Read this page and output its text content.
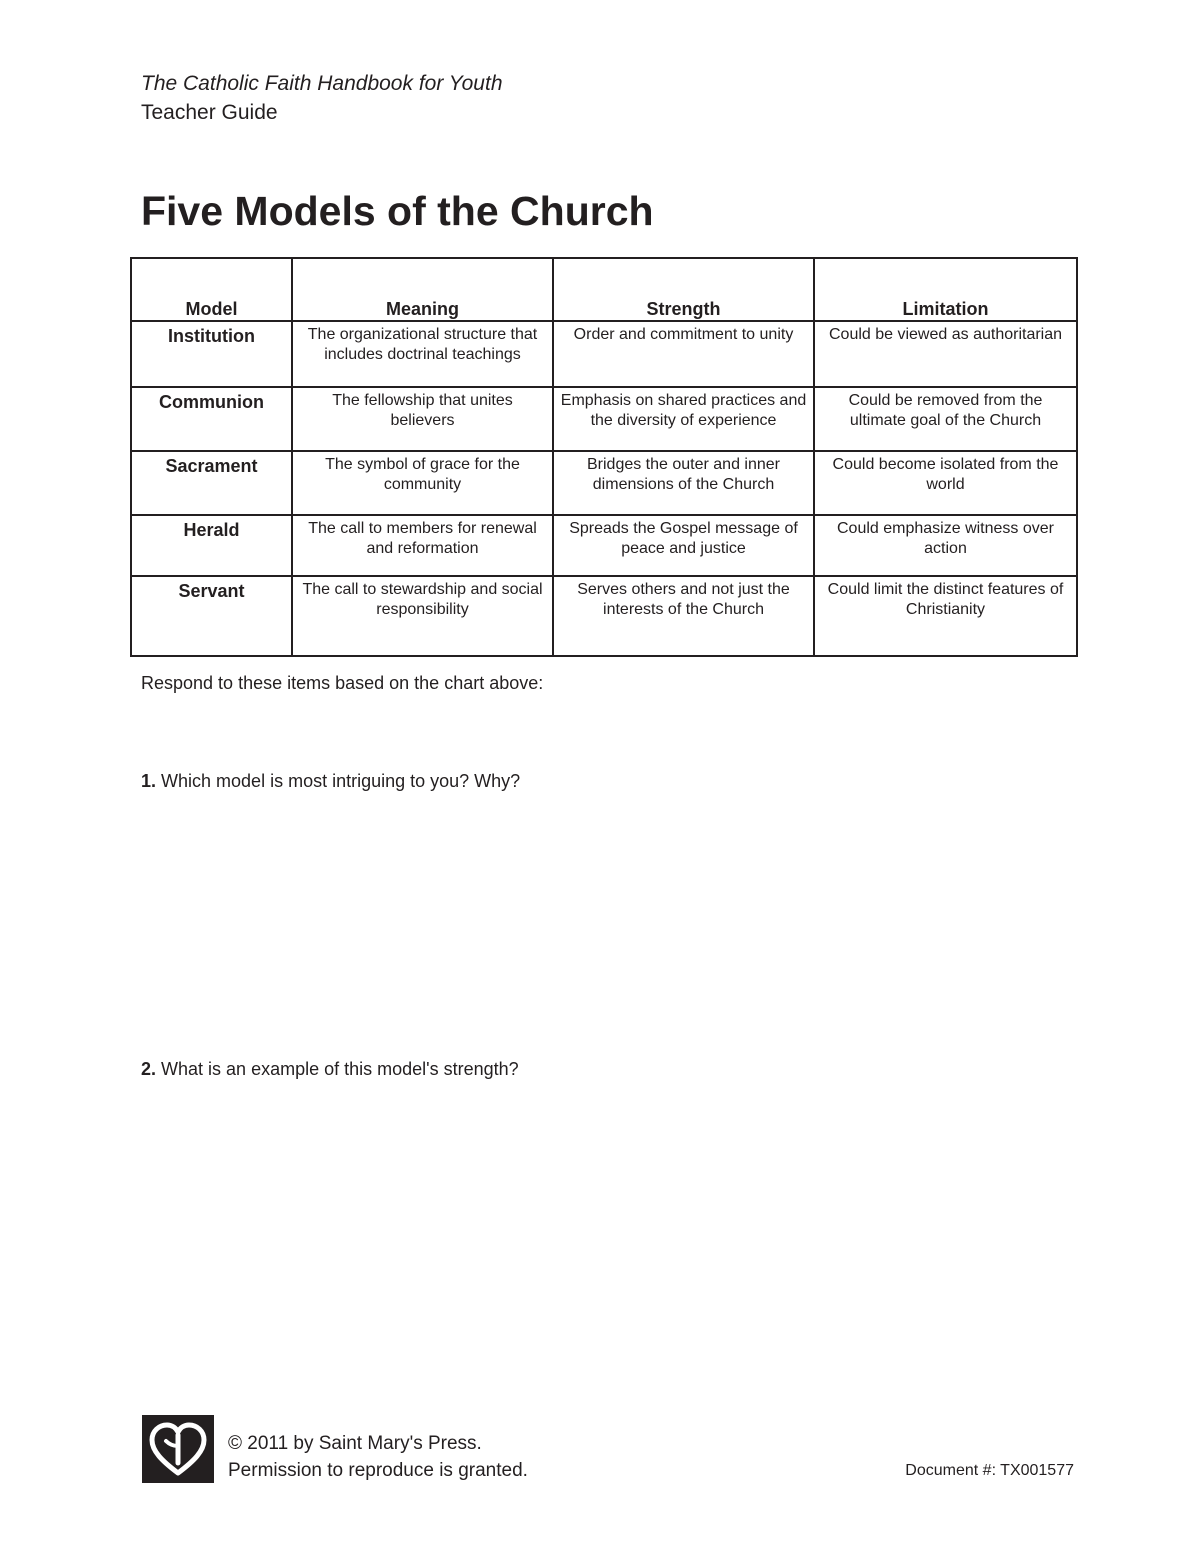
The Catholic Faith Handbook for Youth
Teacher Guide
Five Models of the Church
Model	Meaning	Strength	Limitation
Institution	The organizational structure that includes doctrinal teachings	Order and commitment to unity	Could be viewed as authoritarian
Communion	The fellowship that unites believers	Emphasis on shared practices and the diversity of experience	Could be removed from the ultimate goal of the Church
Sacrament	The symbol of grace for the community	Bridges the outer and inner dimensions of the Church	Could become isolated from the world
Herald	The call to members for renewal and reformation	Spreads the Gospel message of peace and justice	Could emphasize witness over action
Servant	The call to stewardship and social responsibility	Serves others and not just the interests of the Church	Could limit the distinct features of Christianity
Respond to these items based on the chart above:
1. Which model is most intriguing to you? Why?
2. What is an example of this model's strength?
© 2011 by Saint Mary's Press.
Permission to reproduce is granted.	Document #: TX001577
